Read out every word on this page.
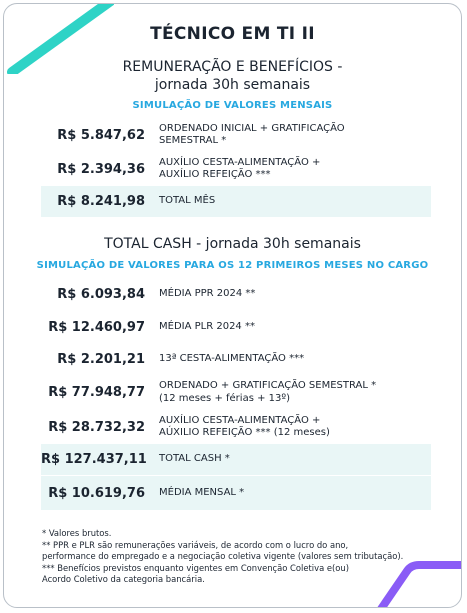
TÉCNICO EM TI II
REMUNERAÇÃO E BENEFÍCIOS -
jornada 30h semanais
SIMULAÇÃO DE VALORES MENSAIS
R$ 5.847,62	ORDENADO INICIAL + GRATIFICAÇÃO
SEMESTRAL *
R$ 2.394,36	AUXÍLIO CESTA-ALIMENTAÇÃO +
AUXÍLIO REFEIÇÃO ***
R$ 8.241,98	TOTAL MÊS
TOTAL CASH - jornada 30h semanais
SIMULAÇÃO DE VALORES PARA OS 12 PRIMEIROS MESES NO CARGO
R$ 6.093,84	MÉDIA PPR 2024 **
R$ 12.460,97	MÉDIA PLR 2024 **
R$ 2.201,21	13ª CESTA-ALIMENTAÇÃO ***
R$ 77.948,77	ORDENADO + GRATIFICAÇÃO SEMESTRAL *
(12 meses + férias + 13º)
R$ 28.732,32	AUXÍLIO CESTA-ALIMENTAÇÃO +
AÚXILIO REFEIÇÃO *** (12 meses)
R$ 127.437,11	TOTAL CASH *
R$ 10.619,76	MÉDIA MENSAL *
* Valores brutos.
** PPR e PLR são remunerações variáveis, de acordo com o lucro do ano,
performance do empregado e a negociação coletiva vigente (valores sem tributação).
*** Benefícios previstos enquanto vigentes em Convenção Coletiva e(ou)
Acordo Coletivo da categoria bancária.
